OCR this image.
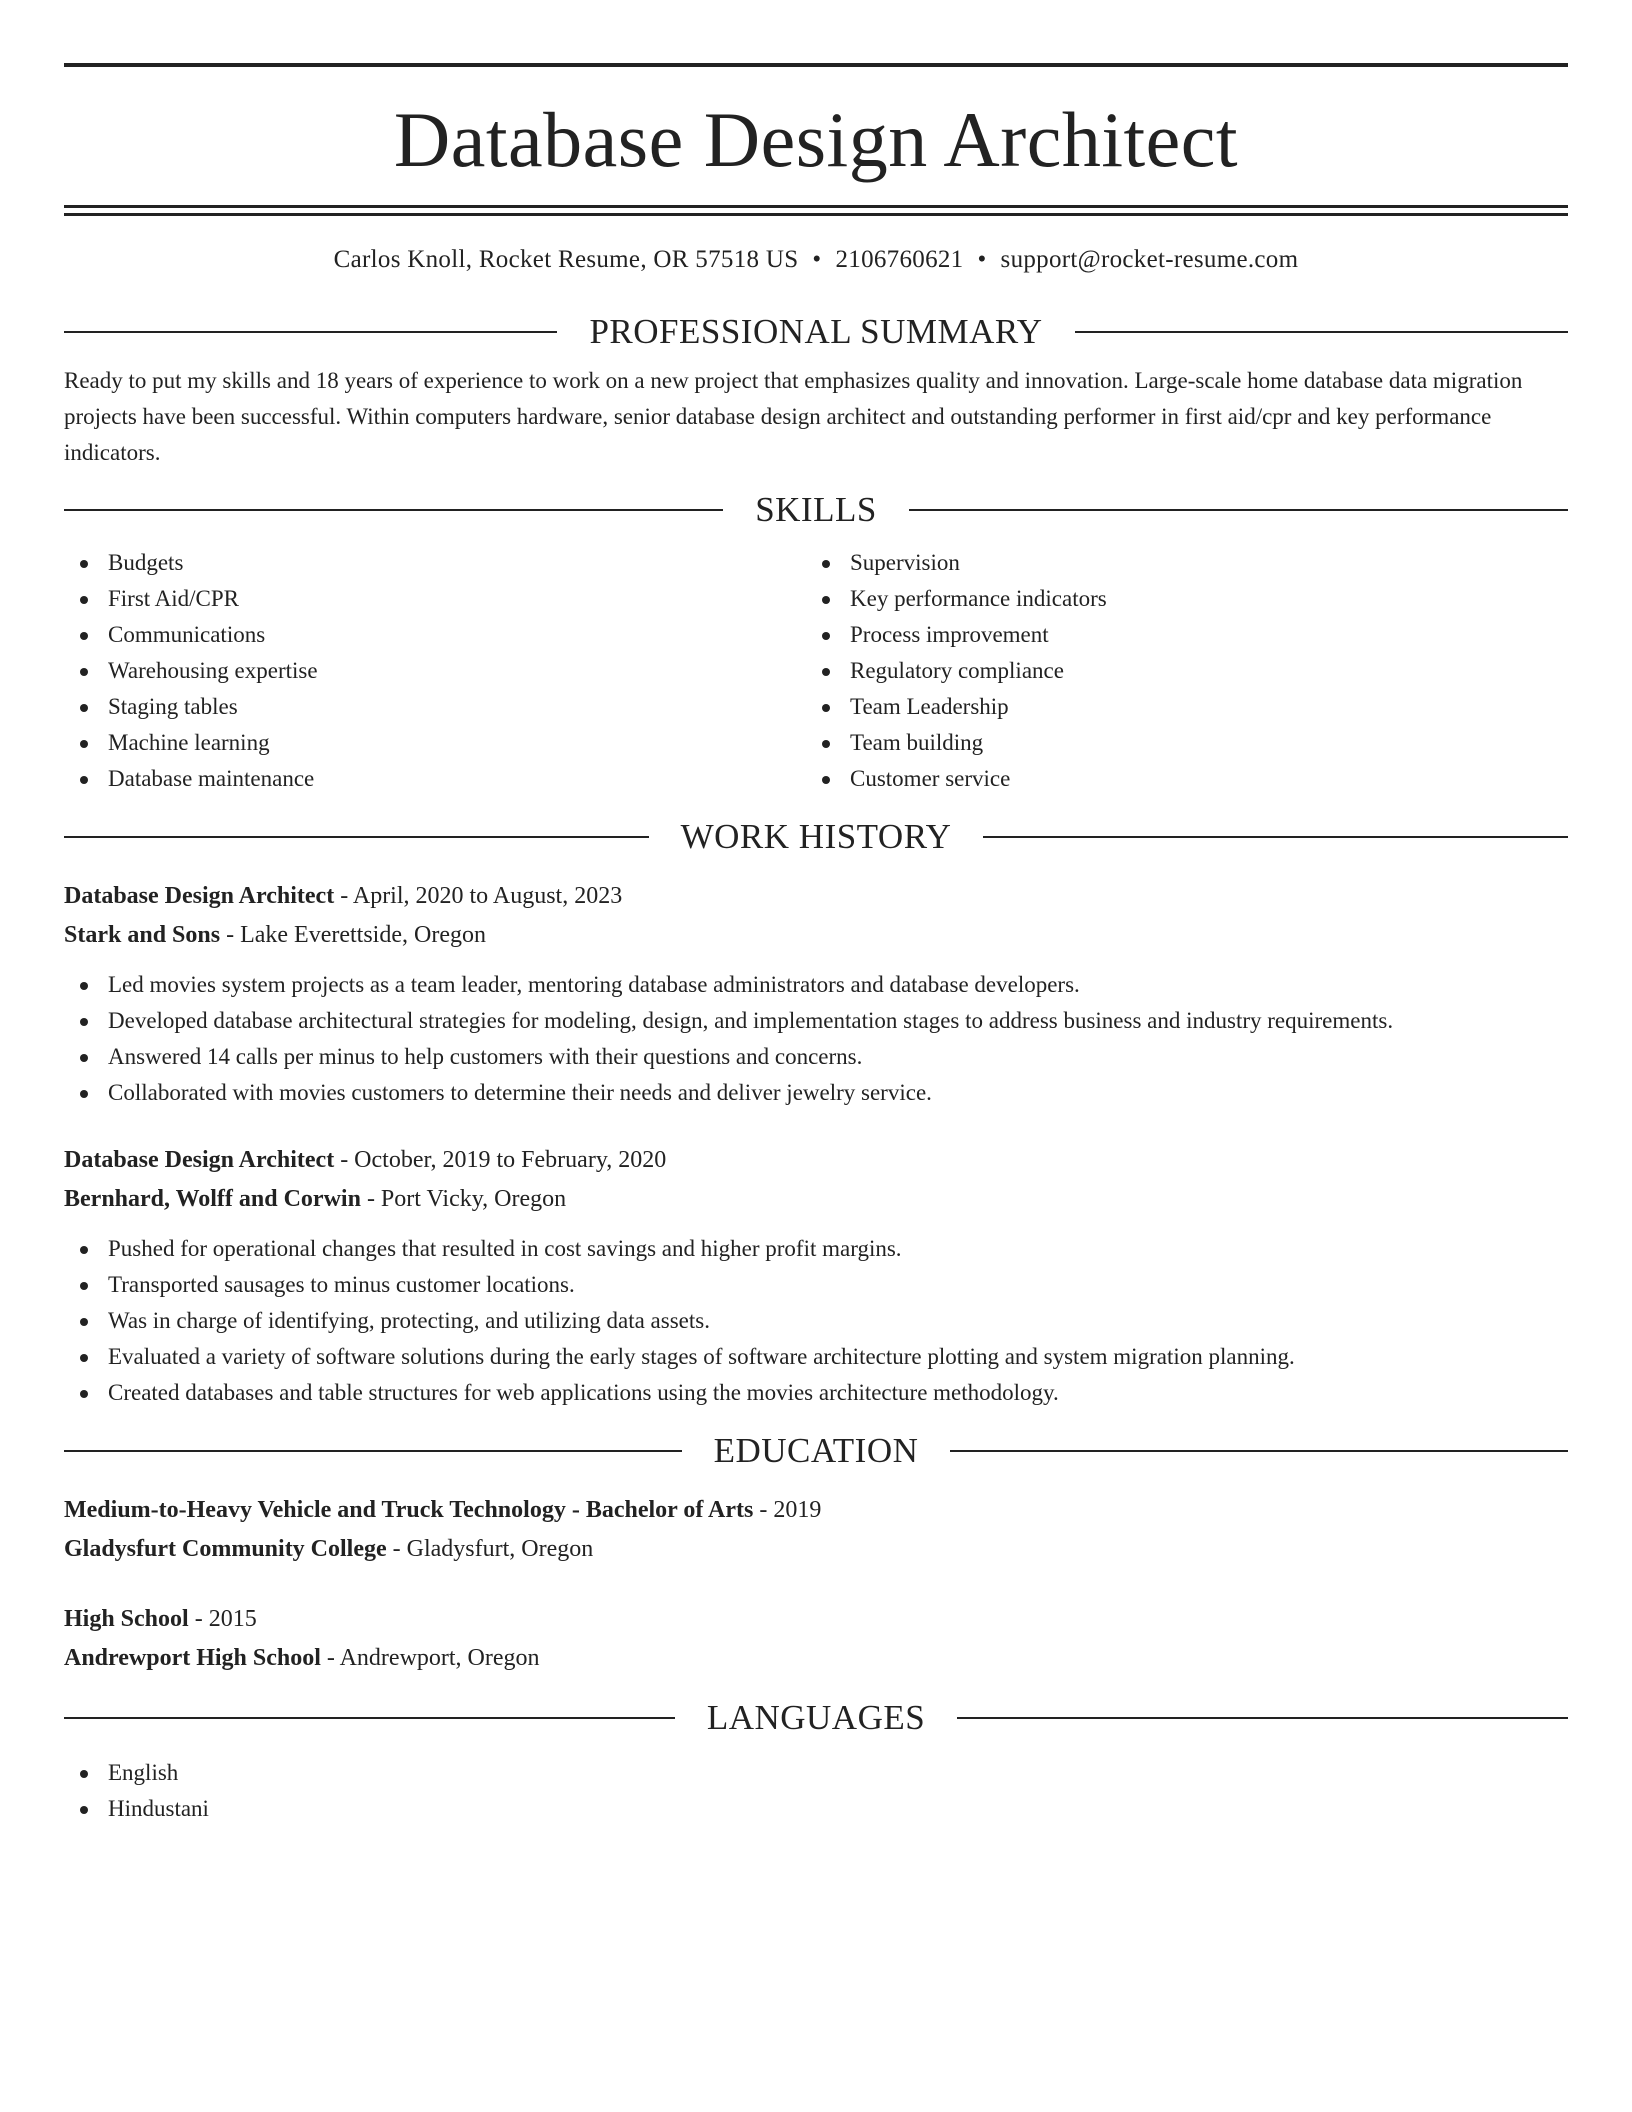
Database Design Architect
Carlos Knoll, Rocket Resume, OR 57518 US • 2106760621 • support@rocket-resume.com
PROFESSIONAL SUMMARY

Ready to put my skills and 18 years of experience to work on a new project that emphasizes quality and innovation. Large-scale home database data migration projects have been successful. Within computers hardware, senior database design architect and outstanding performer in first aid/cpr and key performance indicators.

SKILLS
Budgets
First Aid/CPR
Communications
Warehousing expertise
Staging tables
Machine learning
Database maintenance
Supervision
Key performance indicators
Process improvement
Regulatory compliance
Team Leadership
Team building
Customer service
WORK HISTORY

Database Design Architect - April, 2020 to August, 2023

Stark and Sons - Lake Everettside, Oregon

Led movies system projects as a team leader, mentoring database administrators and database developers.
Developed database architectural strategies for modeling, design, and implementation stages to address business and industry requirements.
Answered 14 calls per minus to help customers with their questions and concerns.
Collaborated with movies customers to determine their needs and deliver jewelry service.

Database Design Architect - October, 2019 to February, 2020

Bernhard, Wolff and Corwin - Port Vicky, Oregon

Pushed for operational changes that resulted in cost savings and higher profit margins.
Transported sausages to minus customer locations.
Was in charge of identifying, protecting, and utilizing data assets.
Evaluated a variety of software solutions during the early stages of software architecture plotting and system migration planning.
Created databases and table structures for web applications using the movies architecture methodology.
EDUCATION

Medium-to-Heavy Vehicle and Truck Technology - Bachelor of Arts - 2019

Gladysfurt Community College - Gladysfurt, Oregon

High School - 2015

Andrewport High School - Andrewport, Oregon

LANGUAGES
English
Hindustani
